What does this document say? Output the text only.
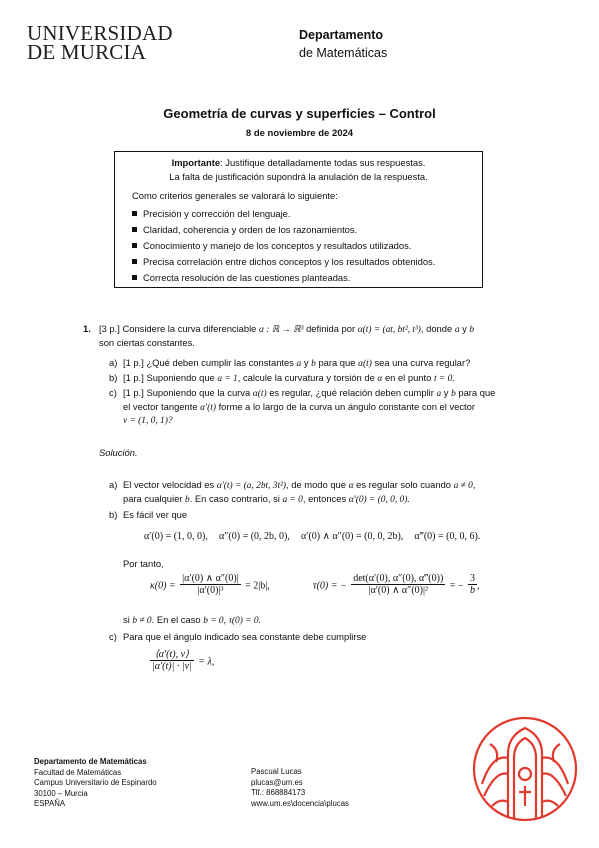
UNIVERSIDAD
DE MURCIA
Departamento
de Matemáticas
Geometría de curvas y superficies – Control
8 de noviembre de 2024
Importante: Justifique detalladamente todas sus respuestas.
La falta de justificación supondrá la anulación de la respuesta.
Como criterios generales se valorará lo siguiente:
Precisión y corrección del lenguaje.
Claridad, coherencia y orden de los razonamientos.
Conocimiento y manejo de los conceptos y resultados utilizados.
Precisa correlación entre dichos conceptos y los resultados obtenidos.
Correcta resolución de las cuestiones planteadas.
1. [3 p.] Considere la curva diferenciable α : ℝ → ℝ³ definida por α(t) = (at, bt², t³), donde a y b
son ciertas constantes.
a) [1 p.] ¿Qué deben cumplir las constantes a y b para que α(t) sea una curva regular?
b) [1 p.] Suponiendo que a = 1, calcule la curvatura y torsión de α en el punto t = 0.
c) [1 p.] Suponiendo que la curva α(t) es regular, ¿qué relación deben cumplir a y b para que
el vector tangente α′(t) forme a lo largo de la curva un ángulo constante con el vector
v = (1, 0, 1)?
Solución.
a) El vector velocidad es α′(t) = (a, 2bt, 3t²), de modo que α es regular solo cuando a ≠ 0,
para cualquier b. En caso contrario, si a = 0, entonces α′(0) = (0, 0, 0).
b) Es fácil ver que
α′(0) = (1, 0, 0), α″(0) = (0, 2b, 0), α′(0) ∧ α″(0) = (0, 0, 2b), α‴(0) = (0, 0, 6).
Por tanto,
$\kappa(0) = \frac{|\alpha'(0) \wedge \alpha''(0)|}{\text{|α′(0)|³}} = 2|b|$,	τ(0) = − $\frac{\det(\alpha'(0), \alpha''(0), \alpha‴(0))}{\text{|α′(0) ∧ α″(0)|²}}$ = − $\frac{3}{b}$ ,
si b ≠ 0. En el caso b = 0, τ(0) = 0.
c) Para que el ángulo indicado sea constante debe cumplirse
$\frac{⟨\alpha'(t), v⟩}{|\alpha'(t)| \cdot |v|} = \lambda$,
Departamento de Matemáticas
Facultad de Matemáticas
Campus Universitario de Espinardo
30100 – Murcia
ESPAÑA
Pascual Lucas
plucas@um.es
Tlf.: 868884173
www.um.es\docencia\plucas
